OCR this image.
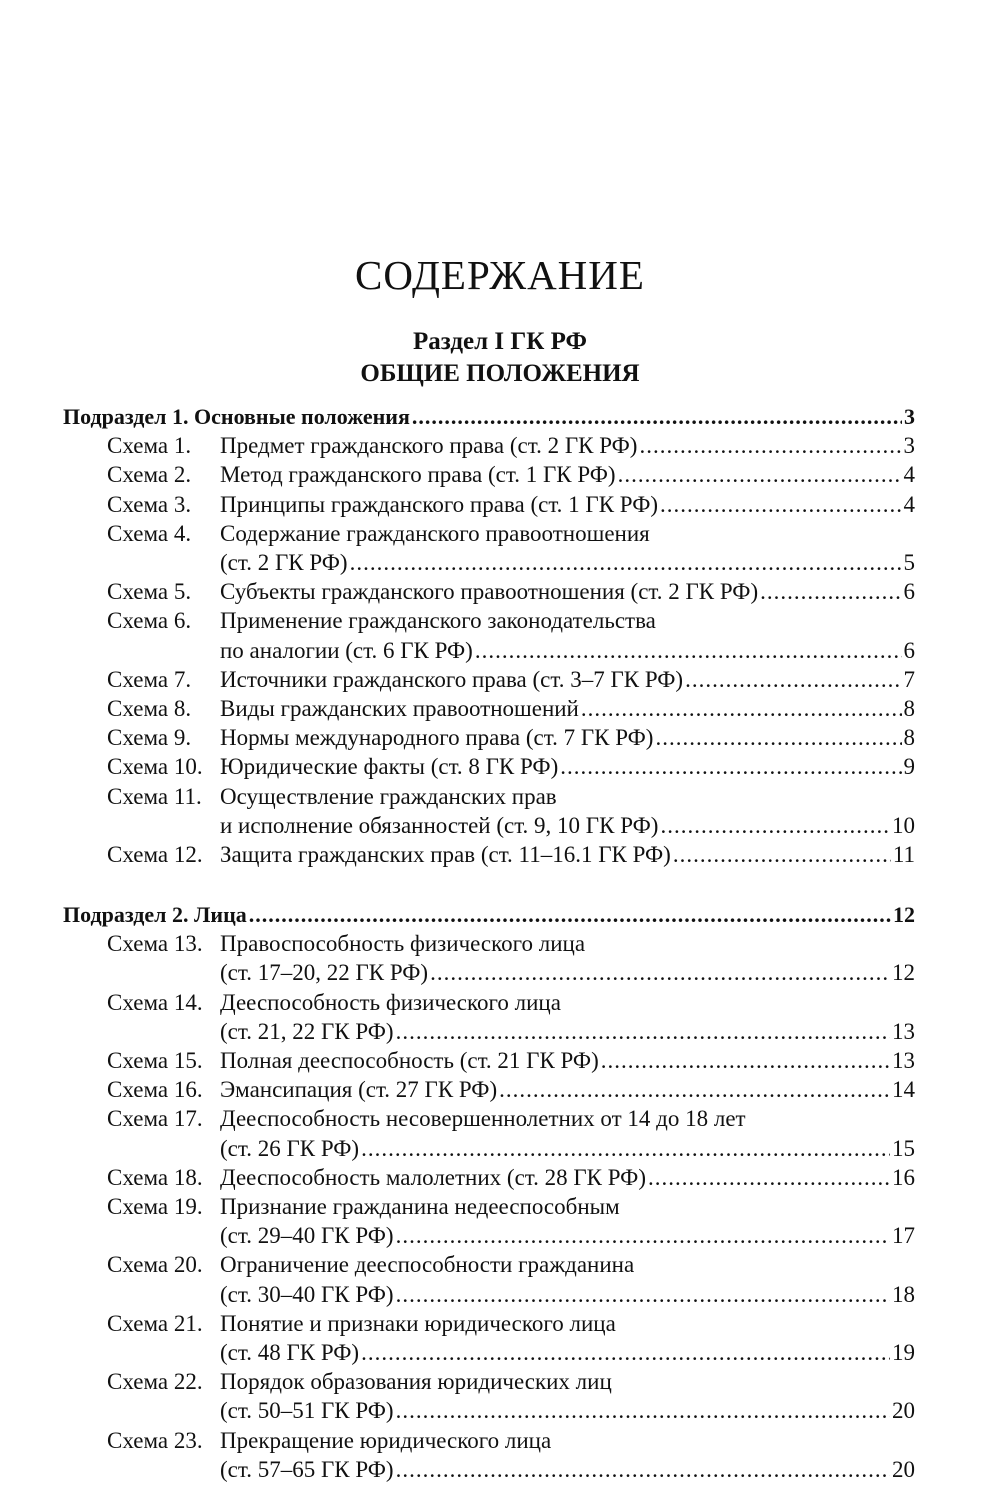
СОДЕРЖАНИЕ
Раздел I ГК РФ
ОБЩИЕ ПОЛОЖЕНИЯ
Подраздел 1. Основные положения .....	3
Схема 1. Предмет гражданского права (ст. 2 ГК РФ) .....	3
Схема 2. Метод гражданского права (ст. 1 ГК РФ) .....	4
Схема 3. Принципы гражданского права (ст. 1 ГК РФ) .....	4
Схема 4. Содержание гражданского правоотношения
(ст. 2 ГК РФ) .....	5
Схема 5. Субъекты гражданского правоотношения (ст. 2 ГК РФ) .....	6
Схема 6. Применение гражданского законодательства
по аналогии (ст. 6 ГК РФ) .....	6
Схема 7. Источники гражданского права (ст. 3–7 ГК РФ) .....	7
Схема 8. Виды гражданских правоотношений .....	8
Схема 9. Нормы международного права (ст. 7 ГК РФ) .....	8
Схема 10. Юридические факты (ст. 8 ГК РФ) .....	9
Схема 11. Осуществление гражданских прав
и исполнение обязанностей (ст. 9, 10 ГК РФ) .....	10
Схема 12. Защита гражданских прав (ст. 11–16.1 ГК РФ) .....	11
Подраздел 2. Лица .....	12
Схема 13. Правоспособность физического лица
(ст. 17–20, 22 ГК РФ) .....	12
Схема 14. Дееспособность физического лица
(ст. 21, 22 ГК РФ) .....	13
Схема 15. Полная дееспособность (ст. 21 ГК РФ) .....	13
Схема 16. Эмансипация (ст. 27 ГК РФ) .....	14
Схема 17. Дееспособность несовершеннолетних от 14 до 18 лет
(ст. 26 ГК РФ) .....	15
Схема 18. Дееспособность малолетних (ст. 28 ГК РФ) .....	16
Схема 19. Признание гражданина недееспособным
(ст. 29–40 ГК РФ) .....	17
Схема 20. Ограничение дееспособности гражданина
(ст. 30–40 ГК РФ) .....	18
Схема 21. Понятие и признаки юридического лица
(ст. 48 ГК РФ) .....	19
Схема 22. Порядок образования юридических лиц
(ст. 50–51 ГК РФ) .....	20
Схема 23. Прекращение юридического лица
(ст. 57–65 ГК РФ) .....	20
